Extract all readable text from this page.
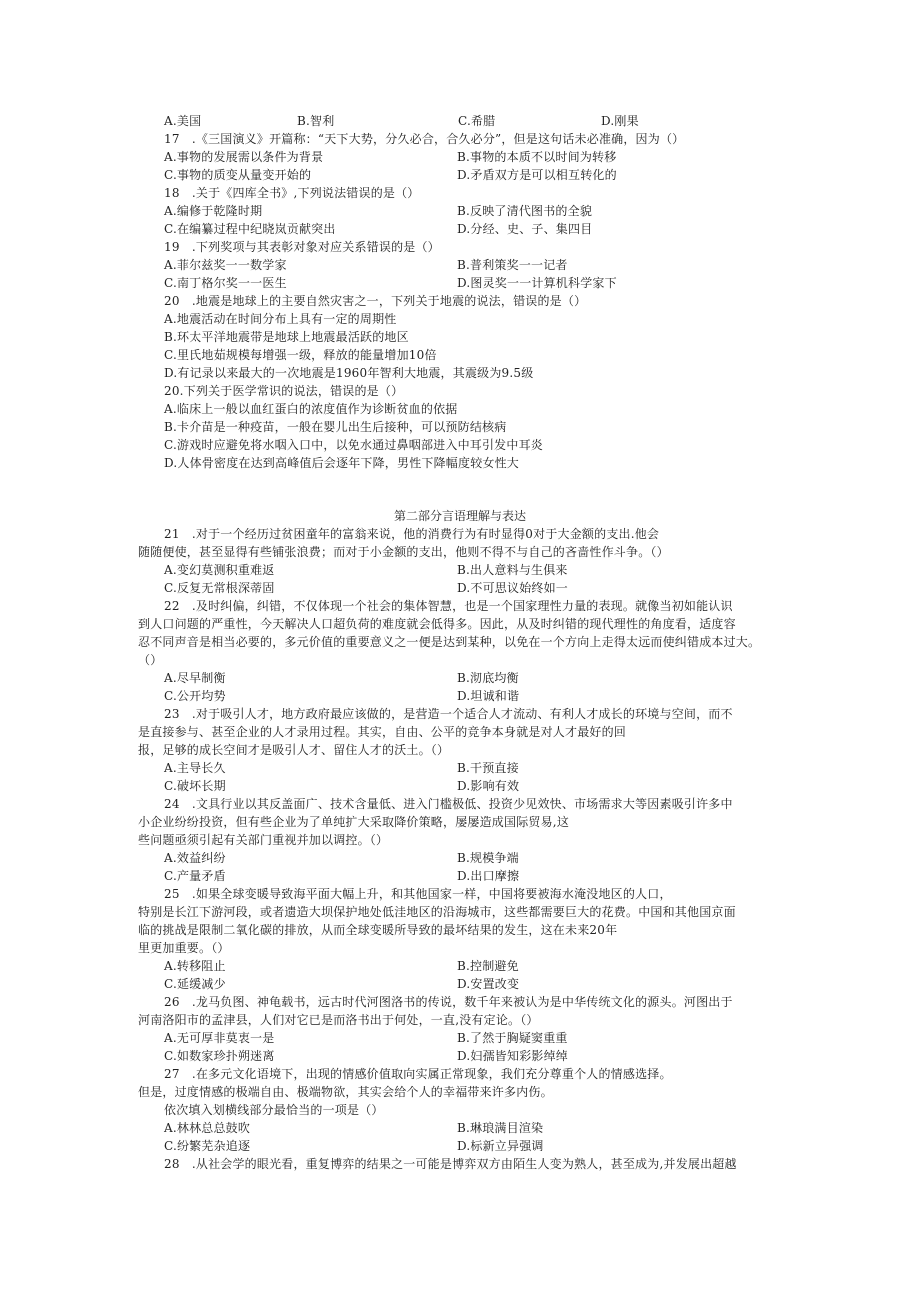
A.美国	B.智利	C.希腊	D.刚果
17　.《三国演义》开篇称：“天下大势，分久必合，合久必分”，但是这句话未必准确，因为（）
A.事物的发展需以条件为背景	B.事物的本质不以时间为转移
C.事物的质变从量变开始的	D.矛盾双方是可以相互转化的
18　.关于《四库全书》,下列说法错误的是（）
A.编修于乾隆时期	B.反映了清代图书的全貌
C.在编纂过程中纪晓岚贡献突出	D.分经、史、子、集四目
19　.下列奖项与其表彰对象对应关系错误的是（）
A.菲尔兹奖一一数学家	B.普利策奖一一记者
C.南丁格尔奖一一医生	D.图灵奖一一计算机科学家下
20　.地震是地球上的主要自然灾害之一，下列关于地震的说法，错误的是（）
A.地震活动在时间分布上具有一定的周期性
B.环太平洋地震带是地球上地震最活跃的地区
C.里氏地茹规模每增强一级，释放的能量增加10倍
D.有记录以来最大的一次地震是1960年智利大地震，其震级为9.5级
20.下列关于医学常识的说法，错误的是（）
A.临床上一般以血红蛋白的浓度值作为诊断贫血的依据
B.卡介苗是一种疫苗，一般在婴儿出生后接种，可以预防结核病
C.游戏时应避免将水咽入口中，以免水通过鼻咽部进入中耳引发中耳炎
D.人体骨密度在达到高峰值后会逐年下降，男性下降幅度较女性大
第二部分言语理解与表达
21　.对于一个经历过贫困童年的富翁来说，他的消费行为有时显得0对于大金额的支出.他会
随随便使，甚至显得有些铺张浪费；而对于小金额的支出，他则不得不与自己的吝啬性作斗争。（）
A.变幻莫测积重难返	B.出人意料与生俱来
C.反复无常根深蒂固	D.不可思议始终如一
22　.及时纠偏，纠错，不仅体现一个社会的集体智慧，也是一个国家理性力量的表现。就像当初如能认识
到人口问题的严重性，今天解决人口超负荷的难度就会低得多。因此，从及时纠错的现代理性的角度看，适度容
忍不同声音是相当必要的，多元价值的重要意义之一便是达到某种，以免在一个方向上走得太远而使纠错成本过大。
（）
A.尽早制衡	B.沏底均衡
C.公开均势	D.坦诚和谐
23　.对于吸引人才，地方政府最应该做的，是营造一个适合人才流动、有利人才成长的环境与空间，而不
是直接参与、甚至企业的人才录用过程。其实，自由、公平的竞争本身就是对人才最好的回
报，足够的成长空间才是吸引人才、留住人才的沃土。（）
A.主导长久	B.干预直接
C.破坏长期	D.影响有效
24　.文具行业以其反盖面广、技术含量低、进入门槛极低、投资少见效快、市场需求大等因素吸引许多中
小企业纷纷投资，但有些企业为了单纯扩大采取降价策略，屡屡造成国际贸易,这
些问题亟须引起有关部门重视并加以调控。（）
A.效益纠纷	B.规模争端
C.产量矛盾	D.出口摩擦
25　.如果全球变暖导致海平面大幅上升，和其他国家一样，中国将要被海水淹没地区的人口，
特别是长江下游河段，或者遗造大坝保护地处低洼地区的沿海城市，这些都需要巨大的花费。中国和其他国京面
临的挑战是限制二氧化碳的排放，从而全球变暖所导致的最坏结果的发生，这在未来20年
里更加重要。（）
A.转移阻止	B.控制避免
C.延缓减少	D.安置改变
26　.龙马负图、神龟载书，远古时代河图洛书的传说，数千年来被认为是中华传统文化的源头。河图出于
河南洛阳市的孟津县，人们对它已是而洛书出于何处，一直,没有定论。（）
A.无可厚非莫衷一是	B.了然于胸疑窦重重
C.如数家珍扑朔迷离	D.妇孺皆知彩影绰绰
27　.在多元文化语境下，出现的情感价值取向实属正常现象，我们充分尊重个人的情感选择。
但是，过度情感的极端自由、极端物欲，其实会给个人的幸福带来许多内伤。
依次填入划横线部分最恰当的一项是（）
A.林林总总鼓吹	B.琳琅满目渲染
C.纷繁芜杂追逐	D.标新立异强调
28　.从社会学的眼光看，重复博弈的结果之一可能是博弈双方由陌生人变为熟人，甚至成为,并发展出超越
